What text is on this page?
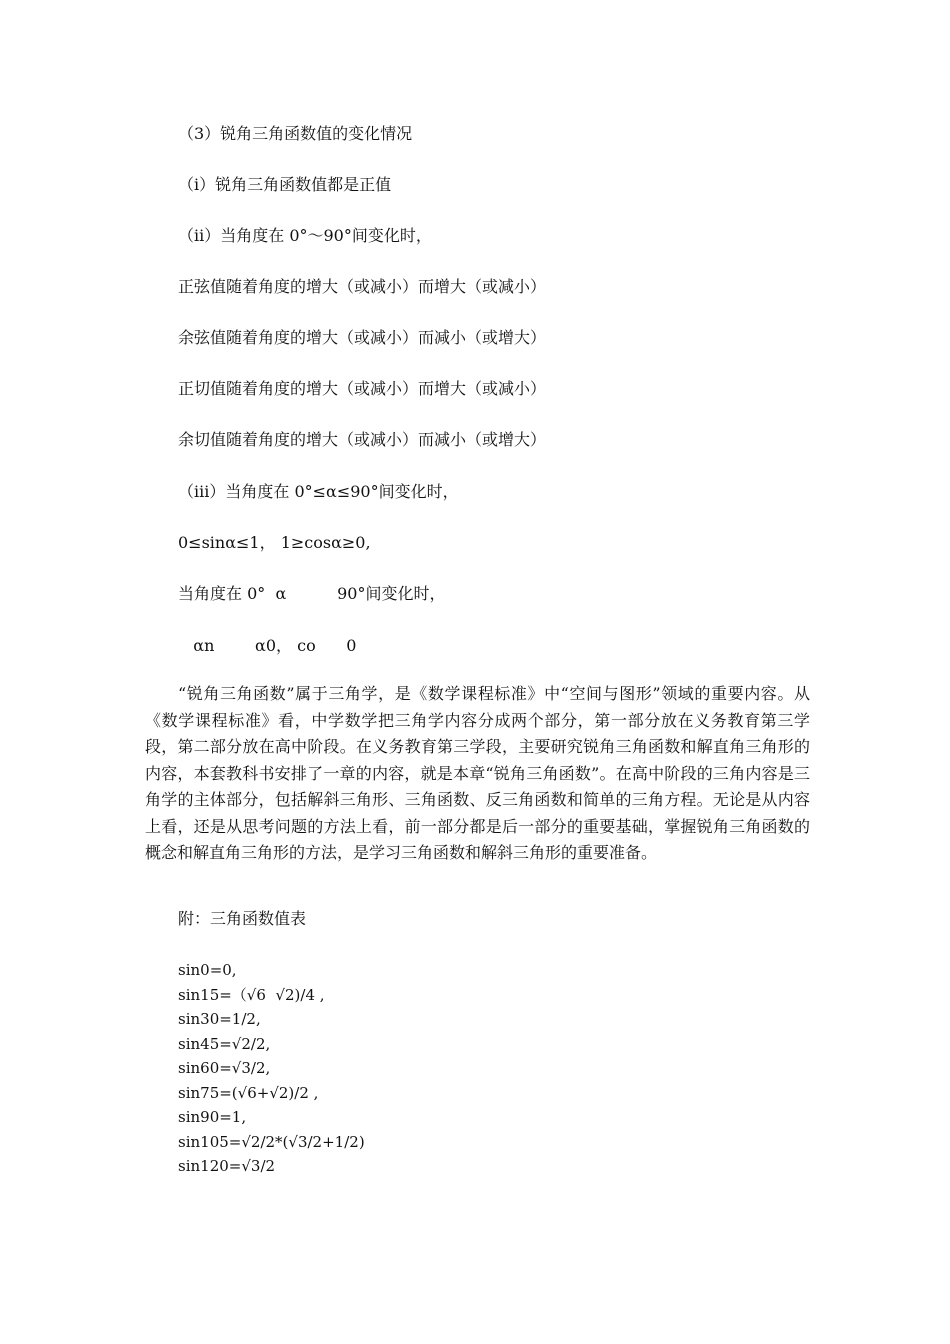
（3）锐角三角函数值的变化情况
（i）锐角三角函数值都是正值
（ii）当角度在 0°～90°间变化时，
正弦值随着角度的增大（或减小）而增大（或减小）
余弦值随着角度的增大（或减小）而减小（或增大）
正切值随着角度的增大（或减小）而增大（或减小）
余切值随着角度的增大（或减小）而减小（或增大）
（iii）当角度在 0°≤α≤90°间变化时，
0≤sinα≤1， 1≥cosα≥0,
当角度在 0°  α          90°间变化时，
αn        α0， co      0
“锐角三角函数”属于三角学，是《数学课程标准》中“空间与图形”领域的重要内容。从《数学课程标准》看，中学数学把三角学内容分成两个部分，第一部分放在义务教育第三学段，第二部分放在高中阶段。在义务教育第三学段，主要研究锐角三角函数和解直角三角形的内容，本套教科书安排了一章的内容，就是本章“锐角三角函数”。在高中阶段的三角内容是三角学的主体部分，包括解斜三角形、三角函数、反三角函数和简单的三角方程。无论是从内容上看，还是从思考问题的方法上看，前一部分都是后一部分的重要基础，掌握锐角三角函数的概念和解直角三角形的方法，是学习三角函数和解斜三角形的重要准备。
附：三角函数值表
sin0=0,
sin15=（√6  √2)/4 ,
sin30=1/2,
sin45=√2/2,
sin60=√3/2,
sin75=(√6+√2)/2 ,
sin90=1,
sin105=√2/2*(√3/2+1/2)
sin120=√3/2
